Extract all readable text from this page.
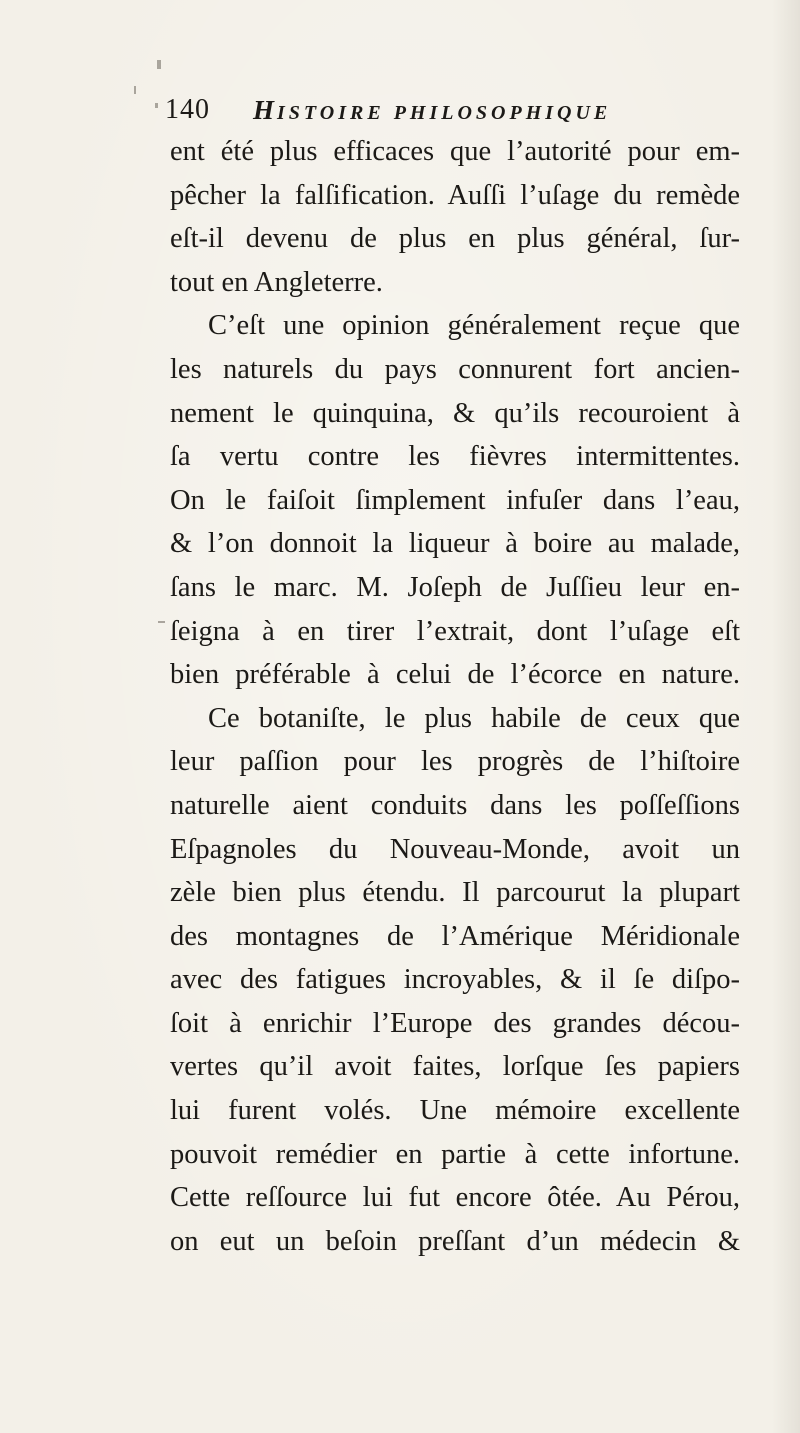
140 HISTOIRE PHILOSOPHIQUE
ent été plus efficaces que l’autorité pour em-
pêcher la falſification. Auſſi l’uſage du remède
eſt-il devenu de plus en plus général, ſur-
tout en Angleterre.
C’eſt une opinion généralement reçue que
les naturels du pays connurent fort ancien-
nement le quinquina, & qu’ils recouroient à
ſa vertu contre les fièvres intermittentes.
On le faiſoit ſimplement infuſer dans l’eau,
& l’on donnoit la liqueur à boire au malade,
ſans le marc. M. Joſeph de Juſſieu leur en-
ſeigna à en tirer l’extrait, dont l’uſage eſt
bien préférable à celui de l’écorce en nature.
Ce botaniſte, le plus habile de ceux que
leur paſſion pour les progrès de l’hiſtoire
naturelle aient conduits dans les poſſeſſions
Eſpagnoles du Nouveau-Monde, avoit un
zèle bien plus étendu. Il parcourut la plupart
des montagnes de l’Amérique Méridionale
avec des fatigues incroyables, & il ſe diſpo-
ſoit à enrichir l’Europe des grandes décou-
vertes qu’il avoit faites, lorſque ſes papiers
lui furent volés. Une mémoire excellente
pouvoit remédier en partie à cette infortune.
Cette reſſource lui fut encore ôtée. Au Pérou,
on eut un beſoin preſſant d’un médecin &
